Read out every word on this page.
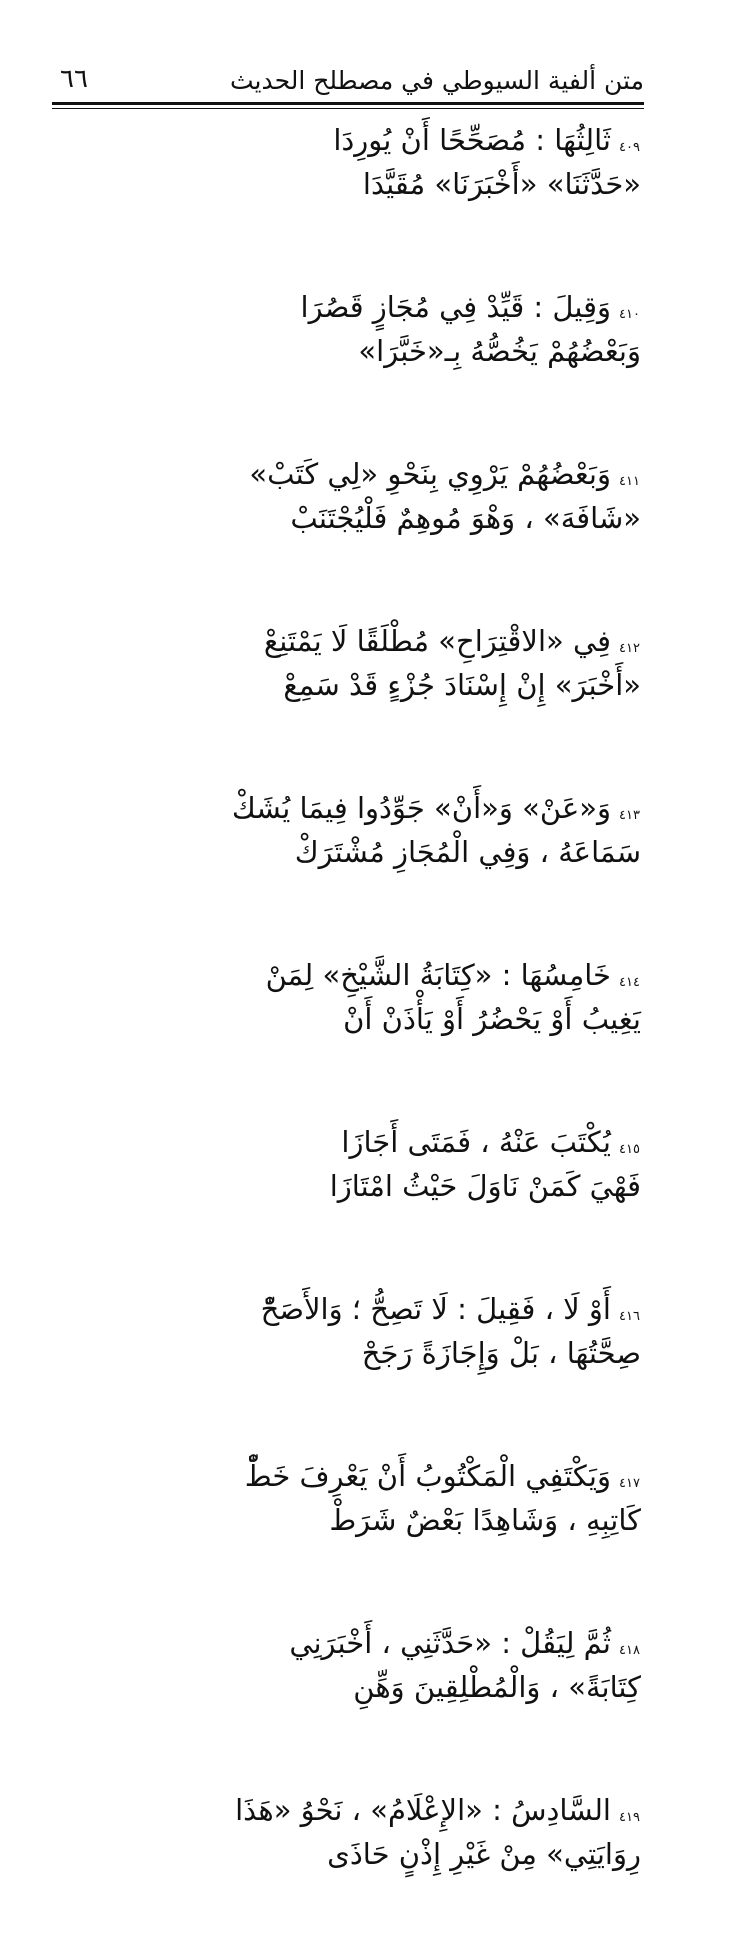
متن ألفية السيوطي في مصطلح الحديث
٦٦
٤٠٩
ثَالِثُهَا : مُصَحِّحًا أَنْ يُورِدَا
«حَدَّثَنَا» «أَخْبَرَنَا» مُقَيَّدَا
٤١٠
وَقِيلَ : قَيِّدْ فِي مُجَازٍ قَصُرَا
وَبَعْضُهُمْ يَخُصُّهُ بِـ«خَبَّرَا»
٤١١
وَبَعْضُهُمْ يَرْوِي بِنَحْوِ «لِي كَتَبْ»
«شَافَهَ» ، وَهْوَ مُوهِمٌ فَلْيُجْتَنَبْ
٤١٢
فِي «الاقْتِرَاحِ» مُطْلَقًا لَا يَمْتَنِعْ
«أَخْبَرَ» إِنْ إِسْنَادَ جُزْءٍ قَدْ سَمِعْ
٤١٣
وَ«عَنْ» وَ«أَنْ» جَوِّدُوا فِيمَا يُشَكْ
سَمَاعَهُ ، وَفِي الْمُجَازِ مُشْتَرَكْ
٤١٤
خَامِسُهَا : «كِتَابَةُ الشَّيْخِ» لِمَنْ
يَغِيبُ أَوْ يَحْضُرُ أَوْ يَأْذَنْ أَنْ
٤١٥
يُكْتَبَ عَنْهُ ، فَمَتَى أَجَازَا
فَهْيَ كَمَنْ نَاوَلَ حَيْثُ امْتَازَا
٤١٦
أَوْ لَا ، فَقِيلَ : لَا تَصِحُّ ؛ وَالأَصَحّْ
صِحَّتُهَا ، بَلْ وَإِجَازَةً رَجَحْ
٤١٧
وَيَكْتَفِي الْمَكْتُوبُ أَنْ يَعْرِفَ خَطّْ
كَاتِبِهِ ، وَشَاهِدًا بَعْضٌ شَرَطْ
٤١٨
ثُمَّ لِيَقُلْ : «حَدَّثَنِي ، أَخْبَرَنِي
كِتَابَةً» ، وَالْمُطْلِقِينَ وَهِّنِ
٤١٩
السَّادِسُ : «الإِعْلَامُ» ، نَحْوُ «هَذَا
رِوَايَتِي» مِنْ غَيْرِ إِذْنٍ حَاذَى
